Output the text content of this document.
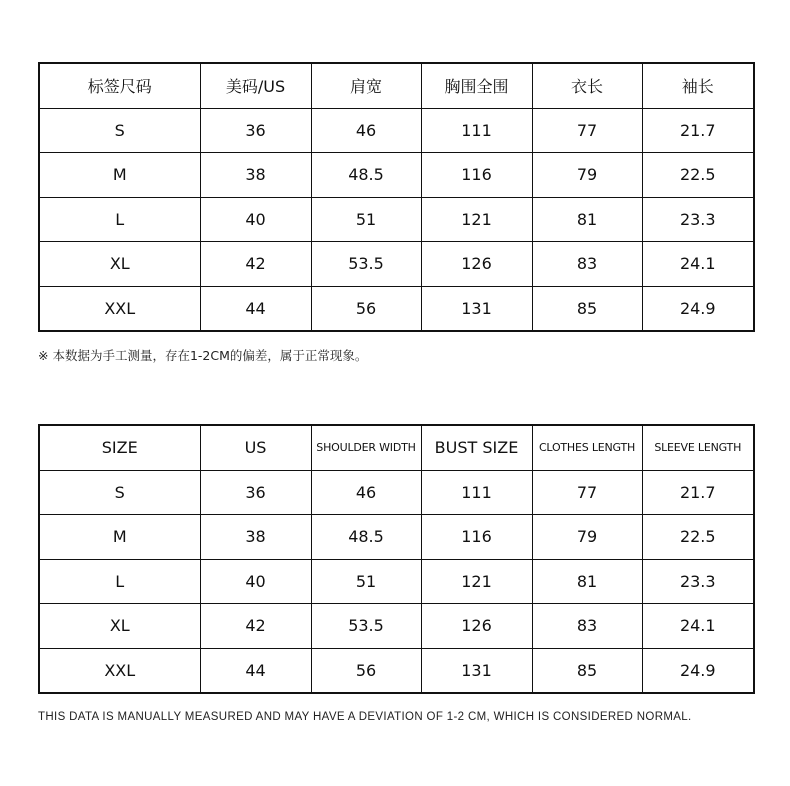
标签尺码	美码/US	肩宽	胸围全围	衣长	袖长
S	36	46	111	77	21.7
M	38	48.5	116	79	22.5
L	40	51	121	81	23.3
XL	42	53.5	126	83	24.1
XXL	44	56	131	85	24.9
※ 本数据为手工测量，存在1-2CM的偏差，属于正常现象。
SIZE	US	SHOULDER WIDTH	BUST SIZE	CLOTHES LENGTH	SLEEVE LENGTH
S	36	46	111	77	21.7
M	38	48.5	116	79	22.5
L	40	51	121	81	23.3
XL	42	53.5	126	83	24.1
XXL	44	56	131	85	24.9
THIS DATA IS MANUALLY MEASURED AND MAY HAVE A DEVIATION OF 1-2 CM, WHICH IS CONSIDERED NORMAL.
